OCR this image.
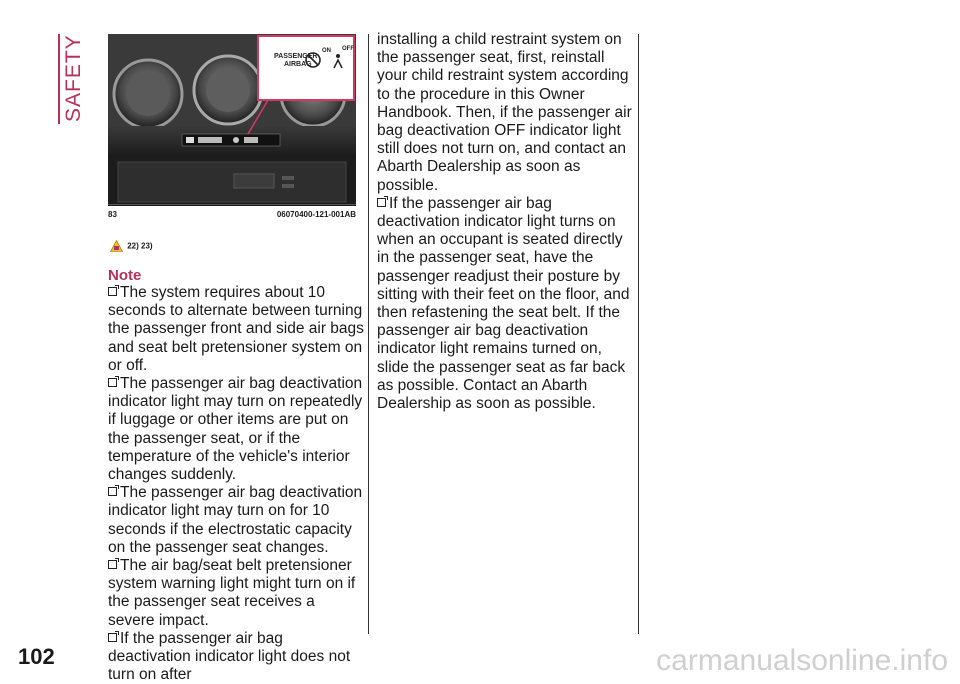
SAFETY	PASSENGER
AIRBAG
ON OFF
83	06070400-121-001AB
22) 23)

Note

The system requires about 10 seconds to alternate between turning the passenger front and side air bags and seat belt pretensioner system on or off.

The passenger air bag deactivation indicator light may turn on repeatedly if luggage or other items are put on the passenger seat, or if the temperature of the vehicle's interior changes suddenly.

The passenger air bag deactivation indicator light may turn on for 10 seconds if the electrostatic capacity on the passenger seat changes.

The air bag/seat belt pretensioner system warning light might turn on if the passenger seat receives a severe impact.

If the passenger air bag deactivation indicator light does not turn on after

installing a child restraint system on the passenger seat, first, reinstall your child restraint system according to the procedure in this Owner Handbook. Then, if the passenger air bag deactivation OFF indicator light still does not turn on, and contact an Abarth Dealership as soon as possible.

If the passenger air bag deactivation indicator light turns on when an occupant is seated directly in the passenger seat, have the passenger readjust their posture by sitting with their feet on the floor, and then refastening the seat belt. If the passenger air bag deactivation indicator light remains turned on, slide the passenger seat as far back as possible. Contact an Abarth Dealership as soon as possible.

102	carmanualsonline.info
